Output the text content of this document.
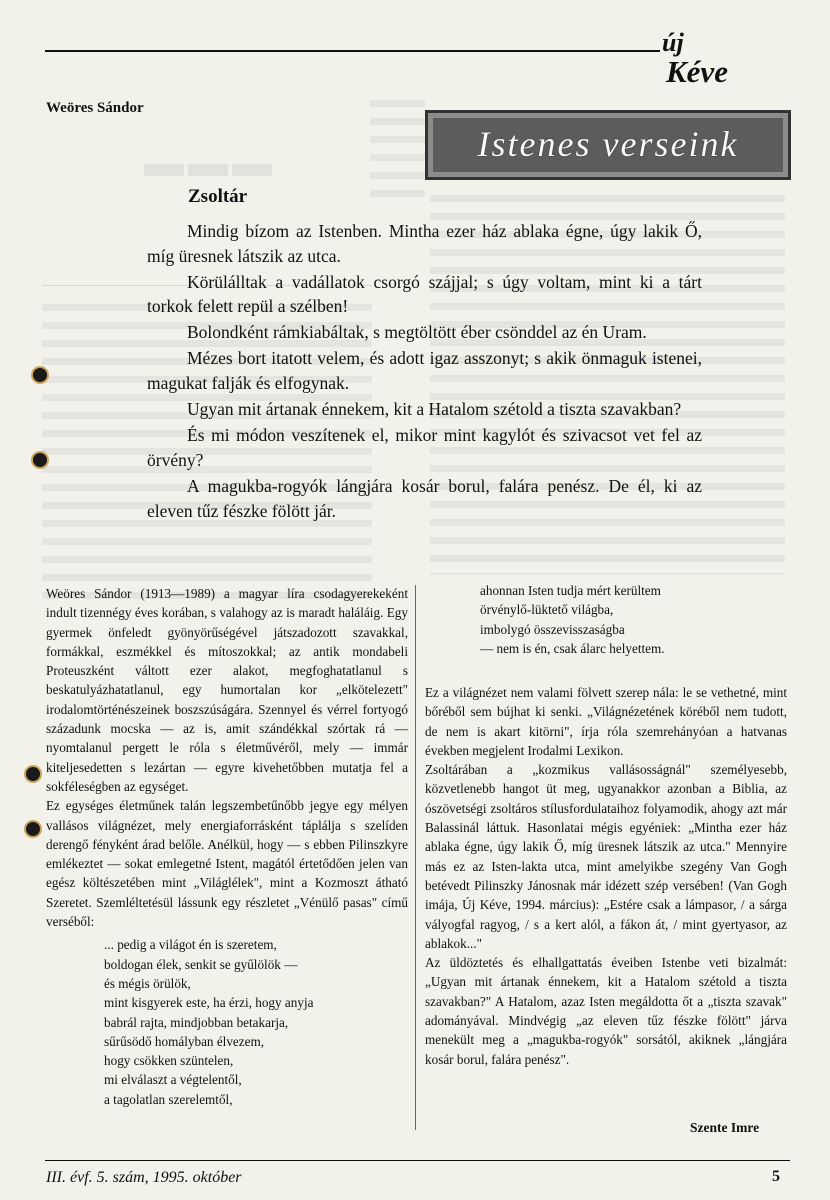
▬▬▬
új
Kéve
Weöres Sándor
Istenes verseink
Zsoltár

Mindig bízom az Istenben. Mintha ezer ház ablaka égne, úgy lakik Ő, míg üresnek látszik az utca.

Körülálltak a vadállatok csorgó szájjal; s úgy voltam, mint ki a tárt torkok felett repül a szélben!

Bolondként rámkiabáltak, s megtöltött éber csönddel az én Uram.

Mézes bort itatott velem, és adott igaz asszonyt; s akik önmaguk istenei, magukat falják és elfogynak.

Ugyan mit ártanak énnekem, kit a Hatalom szétold a tiszta szavakban?

És mi módon veszítenek el, mikor mint kagylót és szivacsot vet fel az örvény?

A magukba-rogyók lángjára kosár borul, falára penész. De él, ki az eleven tűz fészke fölött jár.

Weöres Sándor (1913—1989) a magyar líra csodagyerekeként indult tizennégy éves korában, s valahogy az is maradt haláláig. Egy gyermek önfeledt gyönyörűségével játszadozott szavakkal, formákkal, eszmékkel és mítoszokkal; az antik mondabeli Proteuszként váltott ezer alakot, megfoghatatlanul s beskatulyázhatatlanul, egy humortalan kor „elkötelezett" irodalomtörténészeinek boszszúságára. Szennyel és vérrel fortyogó századunk mocska — az is, amit szándékkal szórtak rá — nyomtalanul pergett le róla s életművéről, mely — immár kiteljesedetten s lezártan — egyre kivehetőbben mutatja fel a sokféleségben az egységet.

Ez egységes életműnek talán legszembetűnőbb jegye egy mélyen vallásos világnézet, mely energiaforrásként táplálja s szelíden derengő fényként árad belőle. Anélkül, hogy — s ebben Pilinszkyre emlékeztet — sokat emlegetné Istent, magától értetődően jelen van egész költészetében mint „Világlélek", mint a Kozmoszt átható Szeretet. Szemléltetésül lássunk egy részletet „Vénülő pasas" című verséből:

... pedig a világot én is szeretem,
boldogan élek, senkit se gyűlölök —
és mégis örülök,
mint kisgyerek este, ha érzi, hogy anyja
babrál rajta, mindjobban betakarja,
sűrűsödő homályban élvezem,
hogy csökken szüntelen,
mi elválaszt a végtelentől,
a tagolatlan szerelemtől,
ahonnan Isten tudja mért kerültem
örvénylő-lüktető világba,
imbolygó összevisszaságba
— nem is én, csak álarc helyettem.

Ez a világnézet nem valami fölvett szerep nála: le se vethetné, mint bőréből sem bújhat ki senki. „Világnézetének köréből nem tudott, de nem is akart kitörni", írja róla szemrehányóan a hatvanas években megjelent Irodalmi Lexikon.

Zsoltárában a „kozmikus vallásosságnál" személyesebb, közvetlenebb hangot üt meg, ugyanakkor azonban a Biblia, az ószövetségi zsoltáros stílusfordulataihoz folyamodik, ahogy azt már Balassinál láttuk. Hasonlatai mégis egyéniek: „Mintha ezer ház ablaka égne, úgy lakik Ő, míg üresnek látszik az utca." Mennyire más ez az Isten-lakta utca, mint amelyikbe szegény Van Gogh betévedt Pilinszky Jánosnak már idézett szép versében! (Van Gogh imája, Új Kéve, 1994. március): „Estére csak a lámpasor, / a sárga vályogfal ragyog, / s a kert alól, a fákon át, / mint gyertyasor, az ablakok..."

Az üldöztetés és elhallgattatás éveiben Istenbe veti bizalmát: „Ugyan mit ártanak énnekem, kit a Hatalom szétold a tiszta szavakban?" A Hatalom, azaz Isten megáldotta őt a „tiszta szavak" adományával. Mindvégig „az eleven tűz fészke fölött" járva menekült meg a „magukba-rogyók" sorsától, akiknek „lángjára kosár borul, falára penész".

Szente Imre
III. évf. 5. szám, 1995. október	5
